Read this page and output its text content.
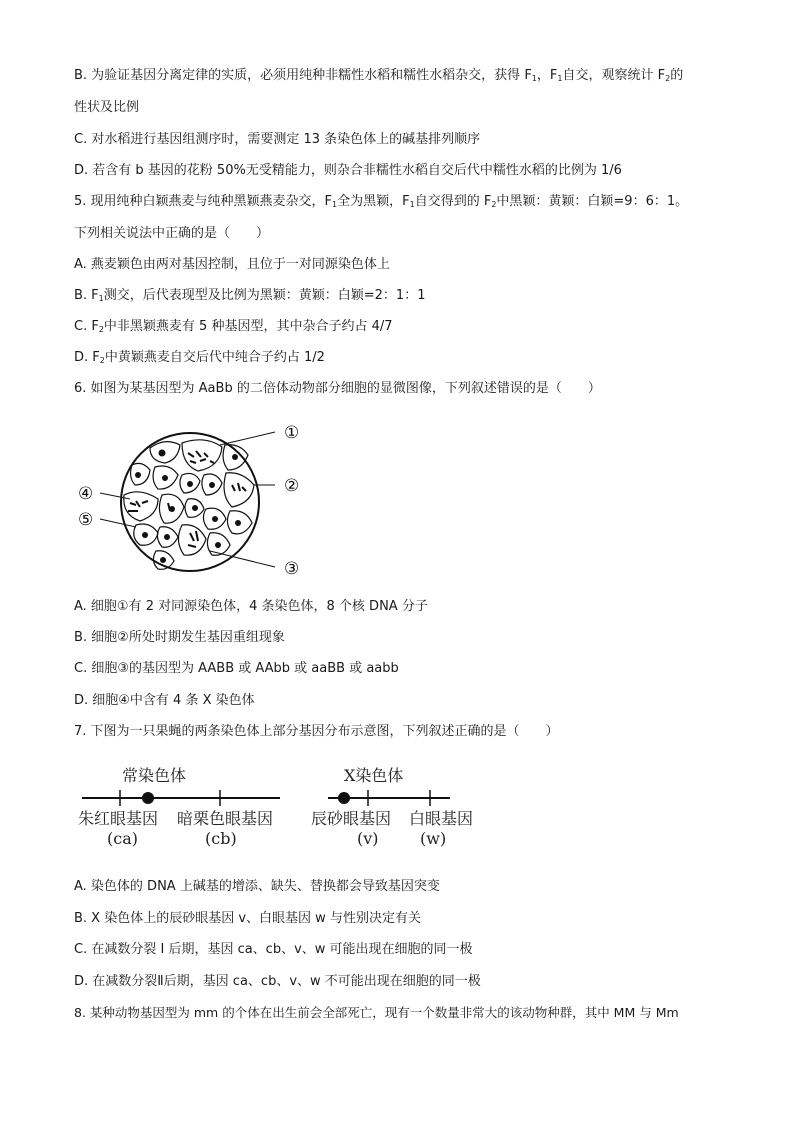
B. 为验证基因分离定律的实质，必须用纯种非糯性水稻和糯性水稻杂交，获得 $F_1$，$F_1$自交，观察统计 $F_2$的
性状及比例
C. 对水稻进行基因组测序时，需要测定 13 条染色体上的碱基排列顺序
D. 若含有 b 基因的花粉 50%无受精能力，则杂合非糯性水稻自交后代中糯性水稻的比例为 1/6
5. 现用纯种白颖燕麦与纯种黑颖燕麦杂交，$F_1$全为黑颖，$F_1$自交得到的 $F_2$中黑颖：黄颖：白颖=9：6：1。
下列相关说法中正确的是（　　）
A. 燕麦颖色由两对基因控制，且位于一对同源染色体上
B. $F_1$测交，后代表现型及比例为黑颖：黄颖：白颖=2：1：1
C. $F_2$中非黑颖燕麦有 5 种基因型，其中杂合子约占 4/7
D. $F_2$中黄颖燕麦自交后代中纯合子约占 1/2
6. 如图为某基因型为 AaBb 的二倍体动物部分细胞的显微图像，下列叙述错误的是（　　）
①
②
③
④
⑤
A. 细胞①有 2 对同源染色体，4 条染色体，8 个核 DNA 分子
B. 细胞②所处时期发生基因重组现象
C. 细胞③的基因型为 AABB 或 AAbb 或 aaBB 或 aabb
D. 细胞④中含有 4 条 X 染色体
7. 下图为一只果蝇的两条染色体上部分基因分布示意图，下列叙述正确的是（　　）
常染色体	X染色体
朱红眼基因 暗栗色眼基因 辰砂眼基因 白眼基因
(ca)	(cb)	(v)	(w)
A. 染色体的 DNA 上碱基的增添、缺失、替换都会导致基因突变
B. X 染色体上的辰砂眼基因 v、白眼基因 w 与性别决定有关
C. 在减数分裂 I 后期，基因 ca、cb、v、w 可能出现在细胞的同一极
D. 在减数分裂Ⅱ后期，基因 ca、cb、v、w 不可能出现在细胞的同一极
8. 某种动物基因型为 mm 的个体在出生前会全部死亡，现有一个数量非常大的该动物种群，其中 MM 与 Mm
